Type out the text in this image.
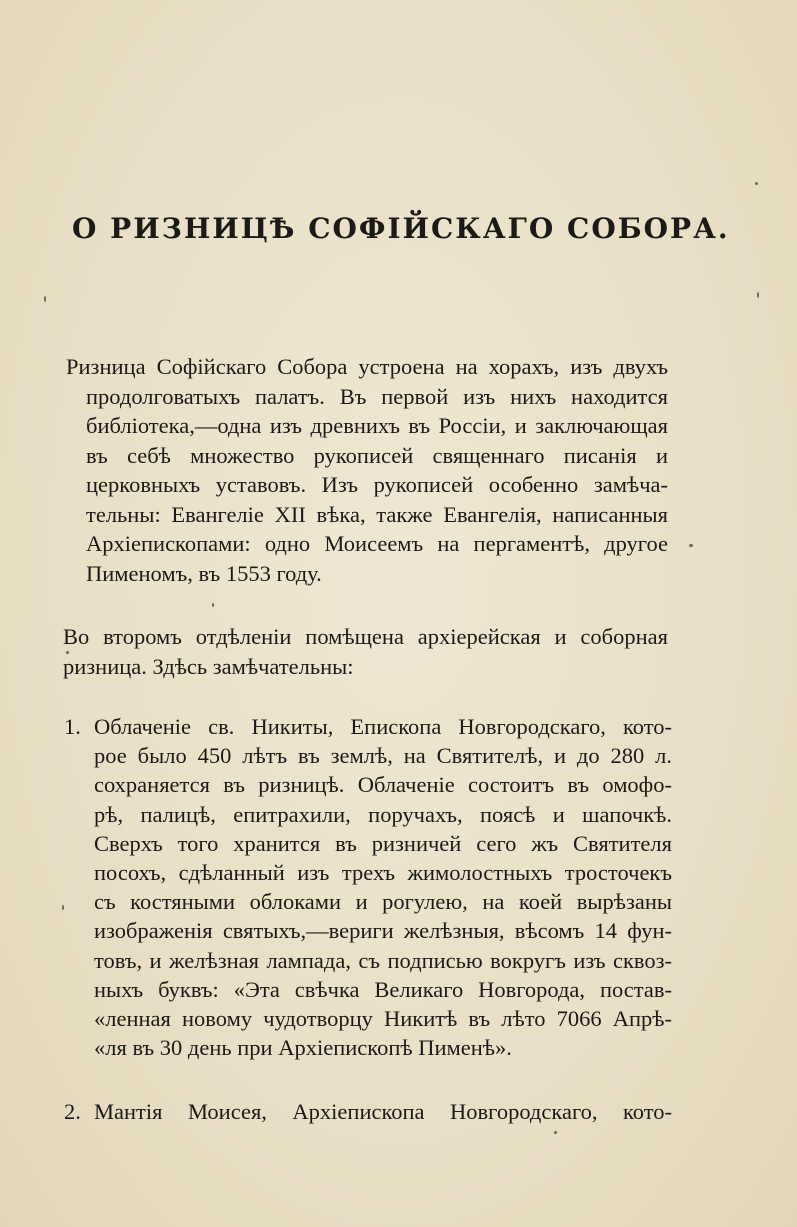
О РИЗНИЦѢ СОФІЙСКАГО СОБОРА.
Ризница Софійскаго Собора устроена на хорахъ, изъ двухъ
продолговатыхъ палатъ. Въ первой изъ нихъ находится
библіотека,—одна изъ древнихъ въ Россіи, и заключающая
въ себѣ множество рукописей священнаго писанія и
церковныхъ уставовъ. Изъ рукописей особенно замѣча-
тельны: Евангеліе XII вѣка, также Евангелія, написанныя
Архіепископами: одно Моисеемъ на пергаментѣ, другое
Пименомъ, въ 1553 году.
Во второмъ отдѣленіи помѣщена архіерейская и соборная
ризница. Здѣсь замѣчательны:
1. Облаченіе св. Никиты, Епископа Новгородскаго, кото-
рое было 450 лѣтъ въ землѣ, на Святителѣ, и до 280 л.
сохраняется въ ризницѣ. Облаченіе состоитъ въ омофо-
рѣ, палицѣ, епитрахили, поручахъ, поясѣ и шапочкѣ.
Сверхъ того хранится въ ризничей сего жъ Святителя
посохъ, сдѣланный изъ трехъ жимолостныхъ тросточекъ
съ костяными облоками и рогулею, на коей вырѣзаны
изображенія святыхъ,—вериги желѣзныя, вѣсомъ 14 фун-
товъ, и желѣзная лампада, съ подписью вокругъ изъ сквоз-
ныхъ буквъ: «Эта свѣчка Великаго Новгорода, постав-
«ленная новому чудотворцу Никитѣ въ лѣто 7066 Апрѣ-
«ля въ 30 день при Архіепископѣ Пименѣ».
2. Мантія Моисея, Архіепископа Новгородскаго, кото-
